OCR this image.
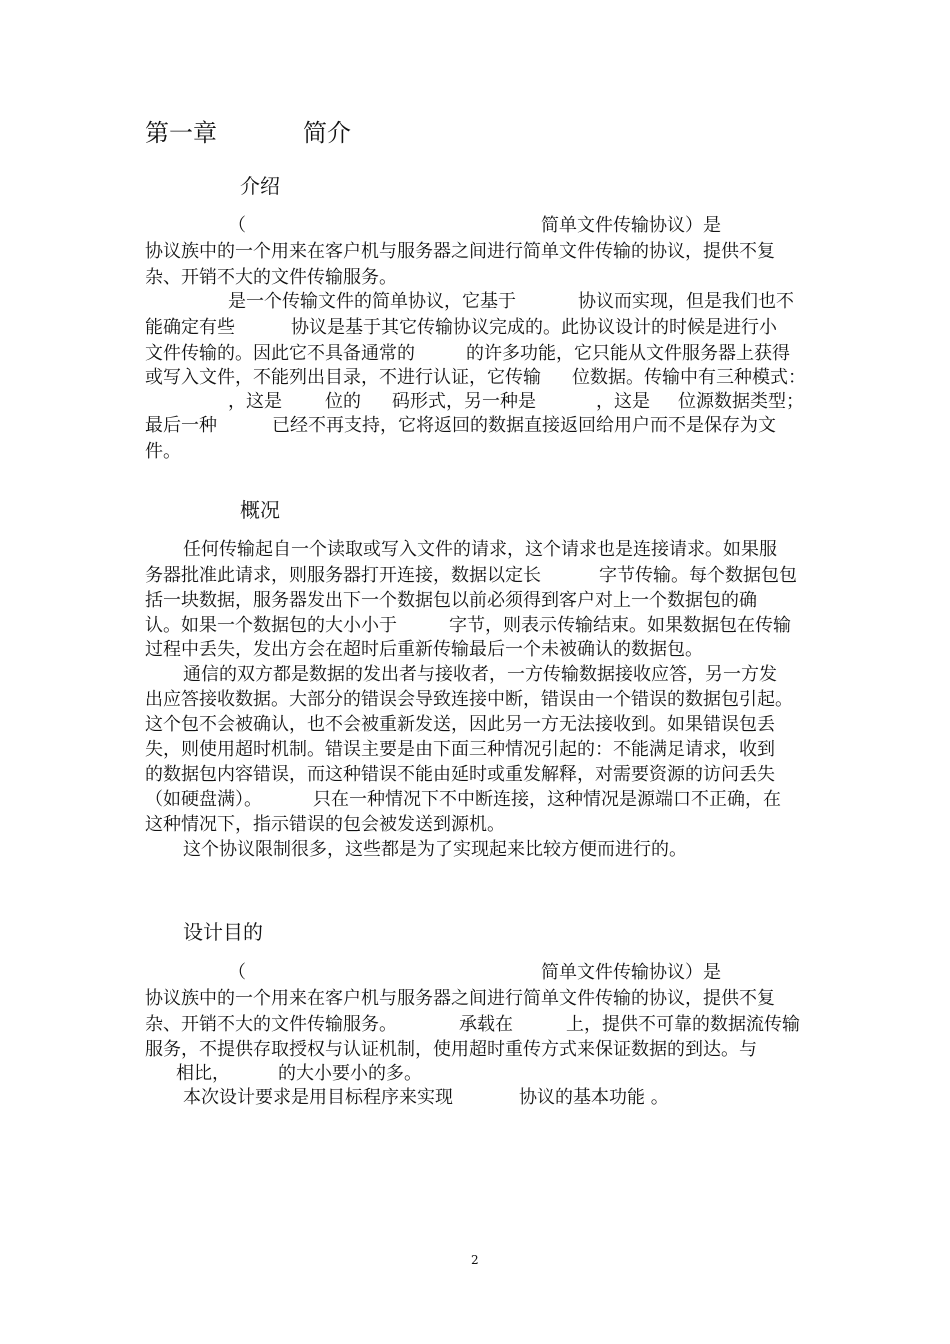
第一章	简介
介绍
（	简单文件传输协议）是
协议族中的一个用来在客户机与服务器之间进行简单文件传输的协议，提供不复
杂、开销不大的文件传输服务。
是一个传输文件的简单协议，它基于	协议而实现，但是我们也不
能确定有些	协议是基于其它传输协议完成的。此协议设计的时候是进行小
文件传输的。因此它不具备通常的	的许多功能，它只能从文件服务器上获得
或写入文件，不能列出目录，不进行认证，它传输 位数据。传输中有三种模式：
，这是 位的 码形式，另一种是	，这是 位源数据类型；
最后一种	已经不再支持，它将返回的数据直接返回给用户而不是保存为文
件。
概况
任何传输起自一个读取或写入文件的请求，这个请求也是连接请求。如果服
务器批准此请求，则服务器打开连接，数据以定长	字节传输。每个数据包包
括一块数据，服务器发出下一个数据包以前必须得到客户对上一个数据包的确
认。如果一个数据包的大小小于	字节，则表示传输结束。如果数据包在传输
过程中丢失，发出方会在超时后重新传输最后一个未被确认的数据包。
通信的双方都是数据的发出者与接收者，一方传输数据接收应答，另一方发
出应答接收数据。大部分的错误会导致连接中断，错误由一个错误的数据包引起。
这个包不会被确认，也不会被重新发送，因此另一方无法接收到。如果错误包丢
失，则使用超时机制。错误主要是由下面三种情况引起的：不能满足请求，收到
的数据包内容错误，而这种错误不能由延时或重发解释，对需要资源的访问丢失
（如硬盘满）。	只在一种情况下不中断连接，这种情况是源端口不正确，在
这种情况下，指示错误的包会被发送到源机。
这个协议限制很多，这些都是为了实现起来比较方便而进行的。
设计目的
（	简单文件传输协议）是
协议族中的一个用来在客户机与服务器之间进行简单文件传输的协议，提供不复
杂、开销不大的文件传输服务。	承载在	上，提供不可靠的数据流传输
服务，不提供存取授权与认证机制，使用超时重传方式来保证数据的到达。与
相比，	的大小要小的多。
本次设计要求是用目标程序来实现	协议的基本功能 。
2
